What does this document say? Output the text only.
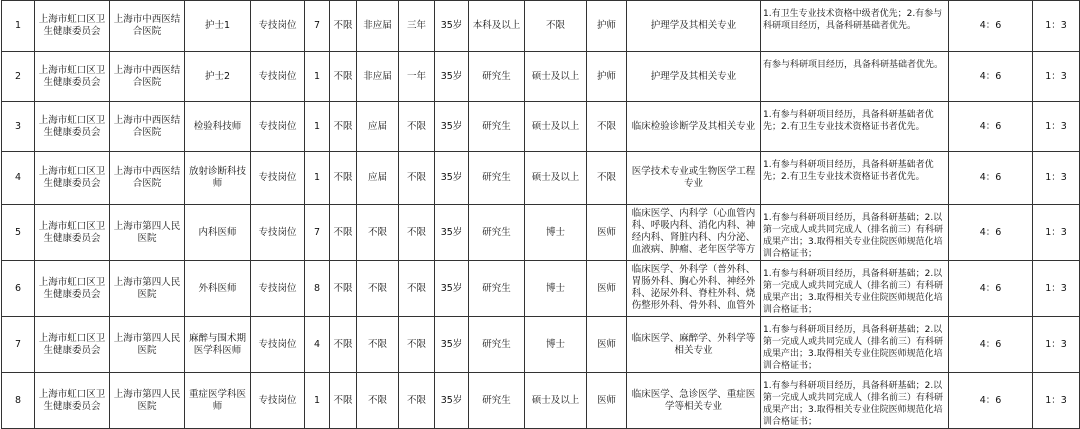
1	上海市虹口区卫生健康委员会	上海市中西医结合医院	护士1	专技岗位	7	不限	非应届	三年	35岁	本科及以上	不限	护师	护理学及其相关专业	1.有卫生专业技术资格中级者优先；2.有参与科研项目经历，具备科研基础者优先。	4：6	1：3
2	上海市虹口区卫生健康委员会	上海市中西医结合医院	护士2	专技岗位	1	不限	非应届	一年	35岁	研究生	硕士及以上	护师	护理学及其相关专业	有参与科研项目经历，具备科研基础者优先。	4：6	1：3
3	上海市虹口区卫生健康委员会	上海市中西医结合医院	检验科技师	专技岗位	1	不限	应届	不限	35岁	研究生	硕士及以上	不限	临床检验诊断学及其相关专业	1.有参与科研项目经历，具备科研基础者优先；2.有卫生专业技术资格证书者优先。	4：6	1：3
4	上海市虹口区卫生健康委员会	上海市中西医结合医院	放射诊断科技师	专技岗位	1	不限	应届	不限	35岁	研究生	硕士及以上	不限	医学技术专业或生物医学工程专业	1.有参与科研项目经历，具备科研基础者优先；2.有卫生专业技术资格证书者优先。	4：6	1：3
5	上海市虹口区卫生健康委员会	上海市第四人民医院	内科医师	专技岗位	7	不限	不限	不限	35岁	研究生	博士	医师	临床医学、内科学（心血管内科、呼吸内科、消化内科、神经内科、肾脏内科、内分泌、血液病、肿瘤、老年医学等方	1.有参与科研项目经历，具备科研基础；2.以第一完成人或共同完成人（排名前三）有科研成果产出；3.取得相关专业住院医师规范化培训合格证书；	4：6	1：3
6	上海市虹口区卫生健康委员会	上海市第四人民医院	外科医师	专技岗位	8	不限	不限	不限	35岁	研究生	博士	医师	临床医学、外科学（普外科、胃肠外科、胸心外科、神经外科、泌尿外科、脊柱外科、烧伤整形外科、骨外科、血管外	1.有参与科研项目经历，具备科研基础；2.以第一完成人或共同完成人（排名前三）有科研成果产出；3.取得相关专业住院医师规范化培训合格证书；	4：6	1：3
7	上海市虹口区卫生健康委员会	上海市第四人民医院	麻醉与围术期医学科医师	专技岗位	4	不限	不限	不限	35岁	研究生	博士	医师	临床医学、麻醉学、外科学等相关专业	1.有参与科研项目经历，具备科研基础；2.以第一完成人或共同完成人（排名前三）有科研成果产出；3.取得相关专业住院医师规范化培训合格证书；	4：6	1：3
8	上海市虹口区卫生健康委员会	上海市第四人民医院	重症医学科医师	专技岗位	1	不限	不限	不限	35岁	研究生	硕士及以上	医师	临床医学、急诊医学、重症医学等相关专业	1.有参与科研项目经历，具备科研基础；2.以第一完成人或共同完成人（排名前三）有科研成果产出；3.取得相关专业住院医师规范化培训合格证书；	4：6	1：3
